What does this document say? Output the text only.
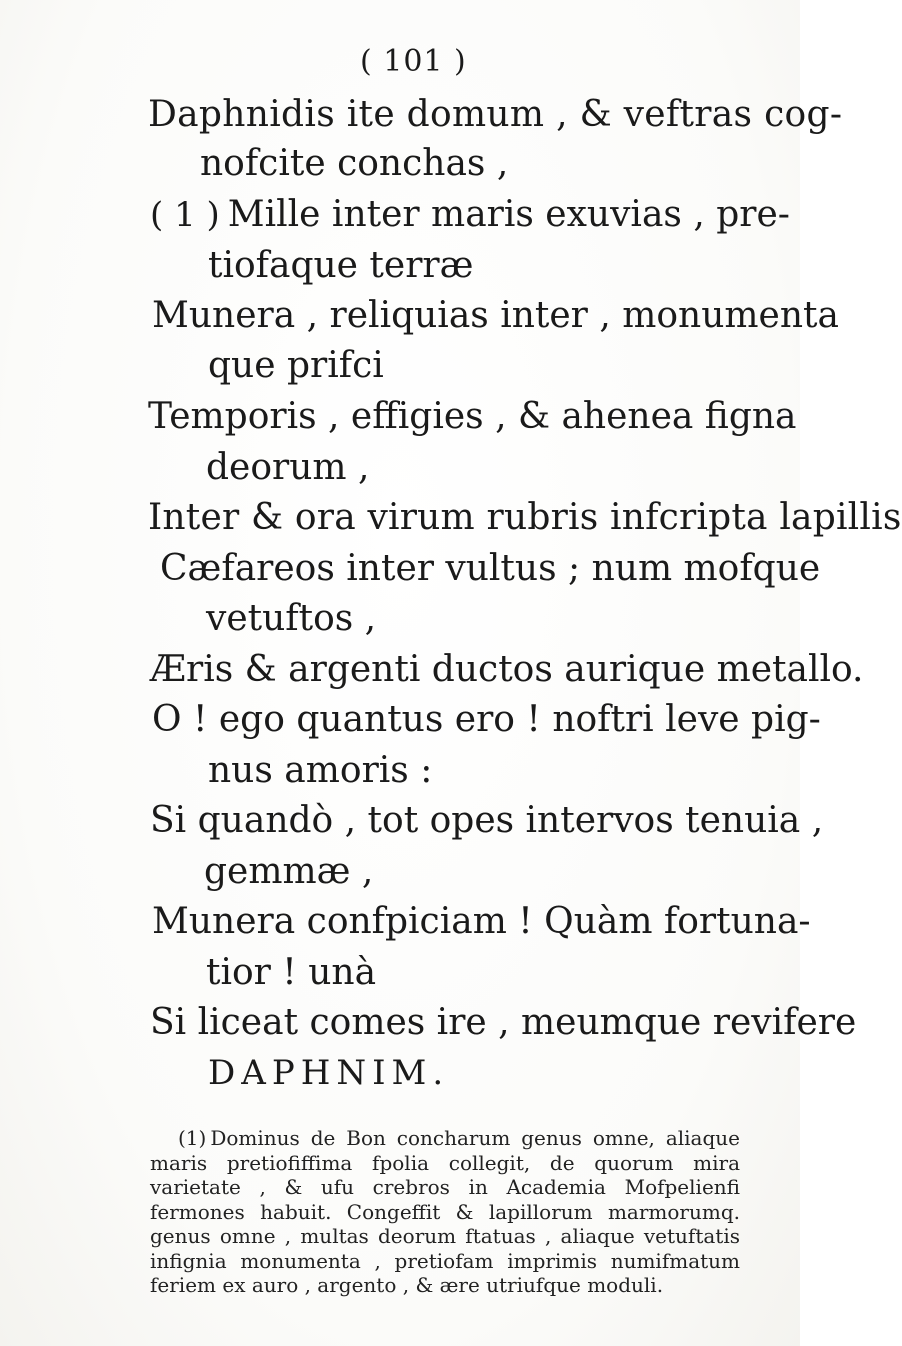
( 101 )
Daphnidis ite domum , & veftras cog-
nofcite conchas ,
( 1 ) Mille inter maris exuvias , pre-
tiofaque terræ
Munera , reliquias inter , monumenta
que prifci
Temporis , effigies , & ahenea figna
deorum ,
Inter & ora virum rubris infcripta lapillis
Cæfareos inter vultus ; num mofque
vetuftos ,
Æris & argenti ductos aurique metallo.
O ! ego quantus ero ! noftri leve pig-
nus amoris :
Si quandò , tot opes intervos tenuia ,
gemmæ ,
Munera confpiciam ! Quàm fortuna-
tior ! unà
Si liceat comes ire , meumque revifere
DAPHNIM.
(1) Dominus de Bon concharum genus omne, aliaque maris pretiofiffima fpolia collegit, de quorum mira varietate , & ufu crebros in Academia Mofpelienfi fermones habuit. Congeffit & lapillorum marmorumq. genus omne , multas deorum ftatuas , aliaque vetuftatis infignia monumenta , pretiofam imprimis numifmatum feriem ex auro , argento , & ære utriufque moduli.
